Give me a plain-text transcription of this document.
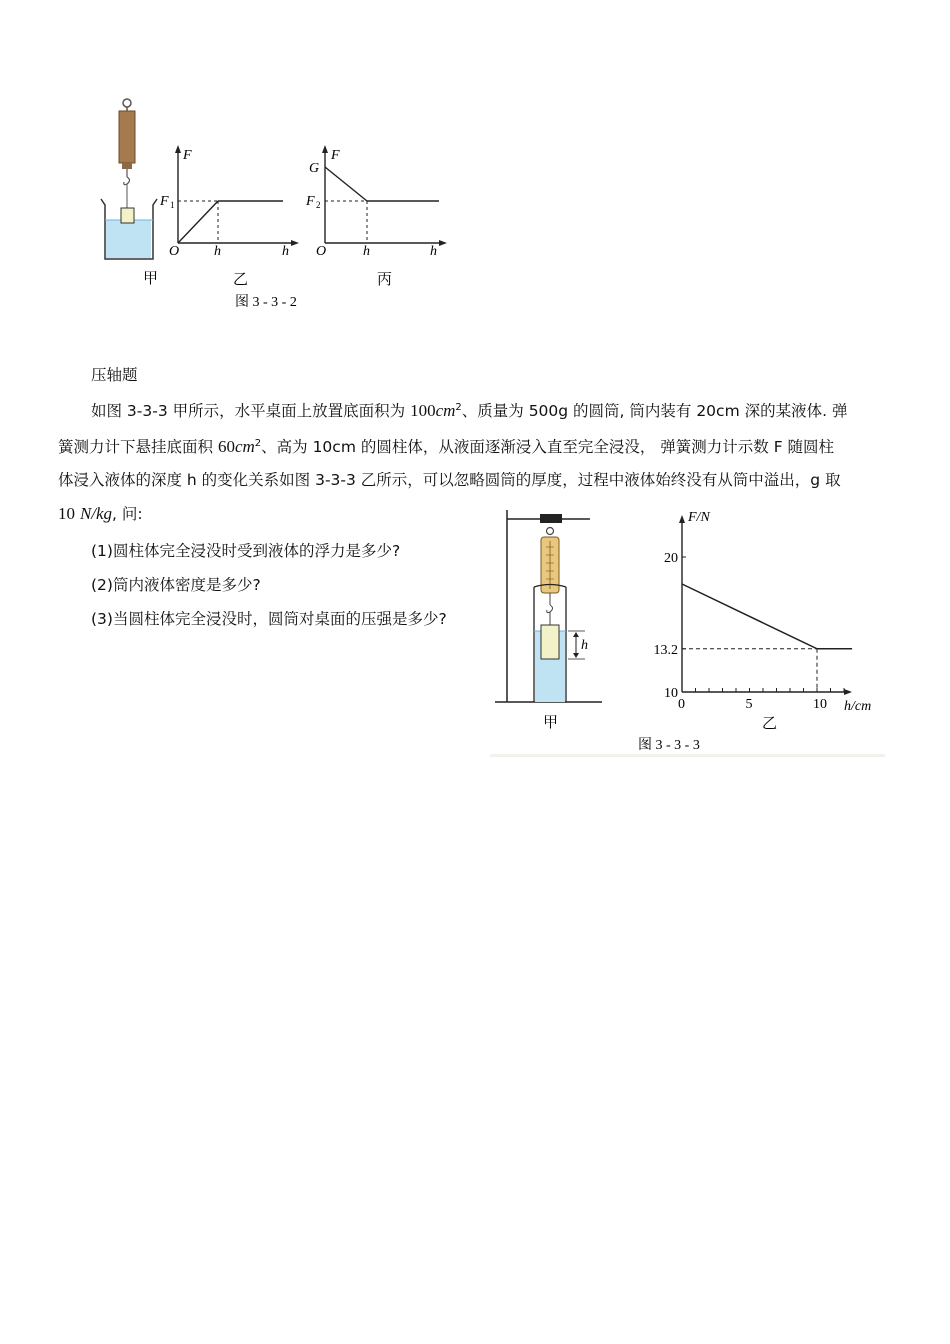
甲
F
F 1
O h	h
乙
F
G
F 2
O	h	h
丙
图 3 - 3 - 2
压轴题
如图 3-3-3 甲所示，水平桌面上放置底面积为 $100cm^2$、质量为 500g 的圆筒, 筒内装有 20cm 深的某液体. 弹
簧测力计下悬挂底面积 $60cm^2$、高为 10cm 的圆柱体，从液面逐渐浸入直至完全浸没， 弹簧测力计示数 F 随圆柱
体浸入液体的深度 h 的变化关系如图 3-3-3 乙所示，可以忽略圆筒的厚度，过程中液体始终没有从筒中溢出，g 取
10 N/kg, 问:
(1)圆柱体完全浸没时受到液体的浮力是多少?
(2)筒内液体密度是多少?
(3)当圆柱体完全浸没时，圆筒对桌面的压强是多少?
h
甲
F/N
h/cm
乙
0	5	10
10
13.2
20
图 3 - 3 - 3
